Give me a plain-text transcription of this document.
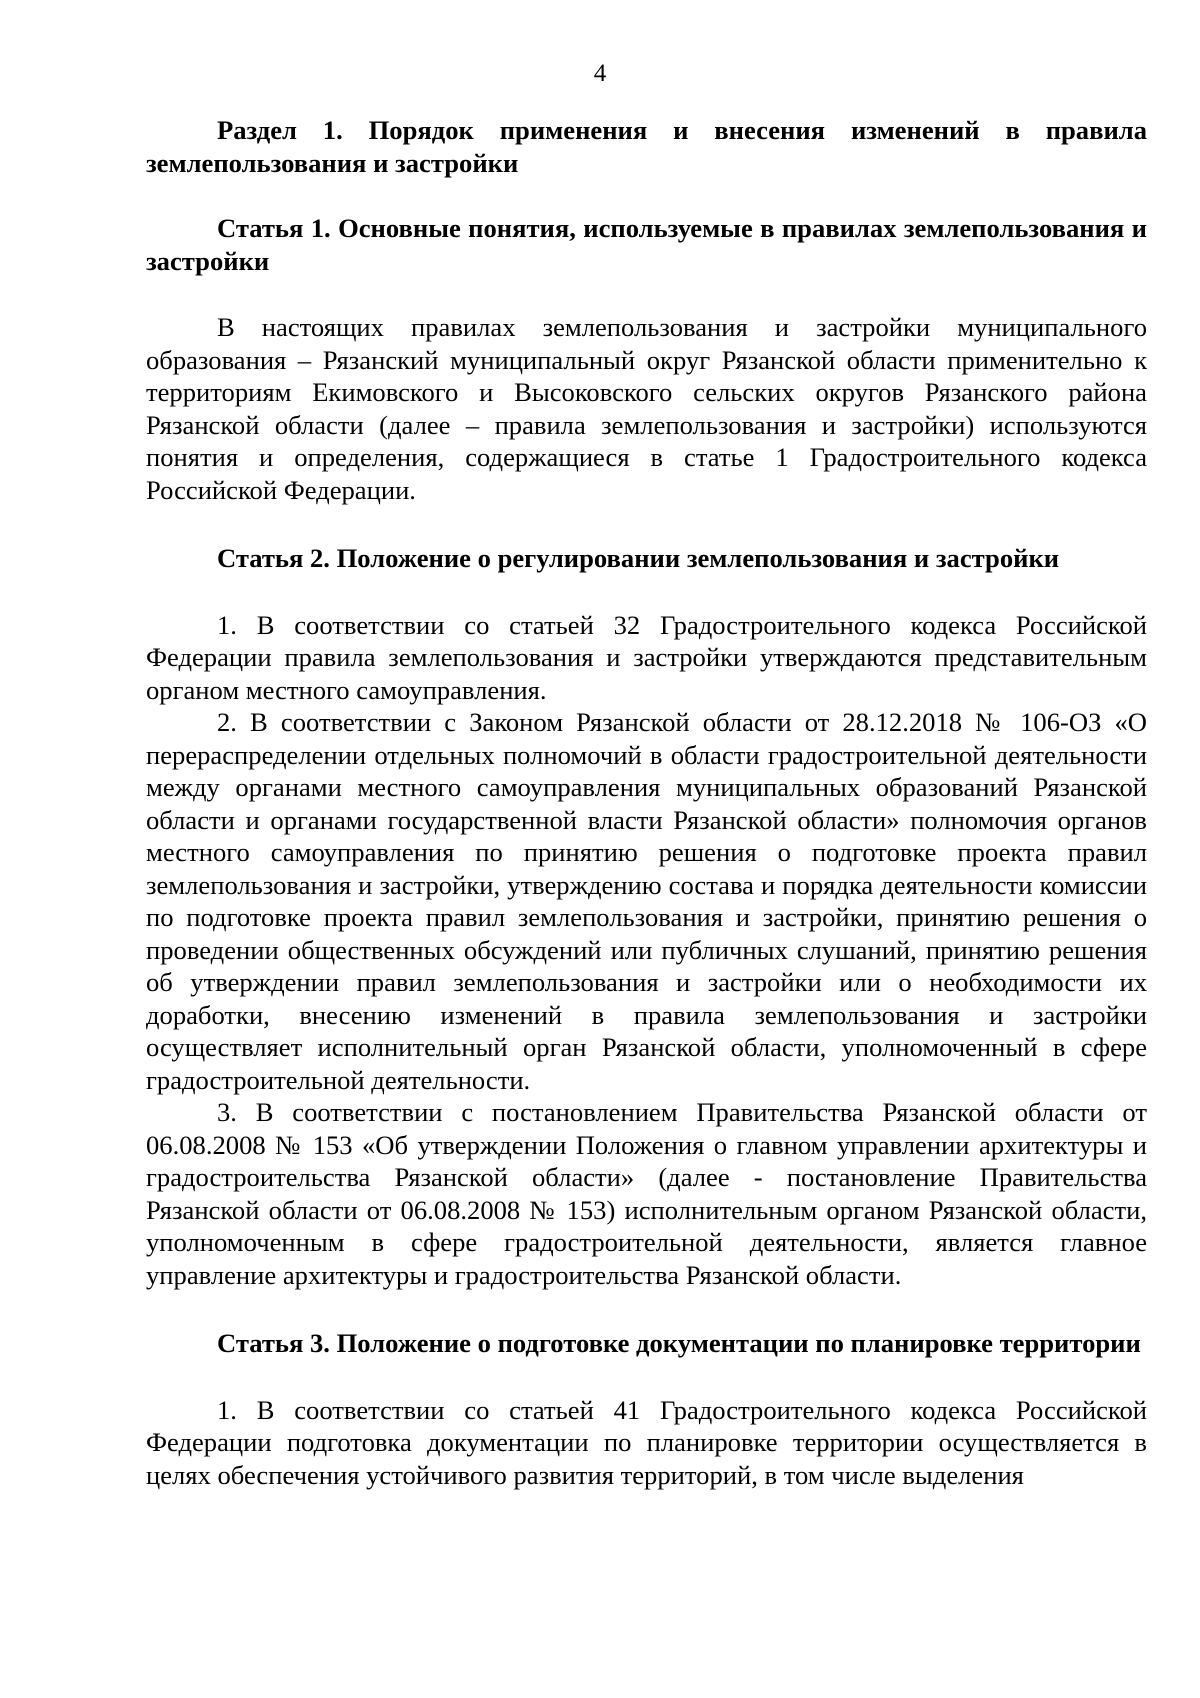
4

Раздел 1. Порядок применения и внесения изменений в правила землепользования и застройки

Статья 1. Основные понятия, используемые в правилах землепользования и застройки

В настоящих правилах землепользования и застройки муниципального образования – Рязанский муниципальный округ Рязанской области применительно к территориям Екимовского и Высоковского сельских округов Рязанского района Рязанской области (далее – правила землепользования и застройки) используются понятия и определения, содержащиеся в статье 1 Градостроительного кодекса Российской Федерации.

Статья 2. Положение о регулировании землепользования и застройки

1. В соответствии со статьей 32 Градостроительного кодекса Российской Федерации правила землепользования и застройки утверждаются представительным органом местного самоуправления.

2. В соответствии с Законом Рязанской области от 28.12.2018 № 106-ОЗ «О перераспределении отдельных полномочий в области градостроительной деятельности между органами местного самоуправления муниципальных образований Рязанской области и органами государственной власти Рязанской области» полномочия органов местного самоуправления по принятию решения о подготовке проекта правил землепользования и застройки, утверждению состава и порядка деятельности комиссии по подготовке проекта правил землепользования и застройки, принятию решения о проведении общественных обсуждений или публичных слушаний, принятию решения об утверждении правил землепользования и застройки или о необходимости их доработки, внесению изменений в правила землепользования и застройки осуществляет исполнительный орган Рязанской области, уполномоченный в сфере градостроительной деятельности.

3. В соответствии с постановлением Правительства Рязанской области от 06.08.2008 № 153 «Об утверждении Положения о главном управлении архитектуры и градостроительства Рязанской области» (далее - постановление Правительства Рязанской области от 06.08.2008 № 153) исполнительным органом Рязанской области, уполномоченным в сфере градостроительной деятельности, является главное управление архитектуры и градостроительства Рязанской области.

Статья 3. Положение о подготовке документации по планировке территории

1. В соответствии со статьей 41 Градостроительного кодекса Российской Федерации подготовка документации по планировке территории осуществляется в целях обеспечения устойчивого развития территорий, в том числе выделения
